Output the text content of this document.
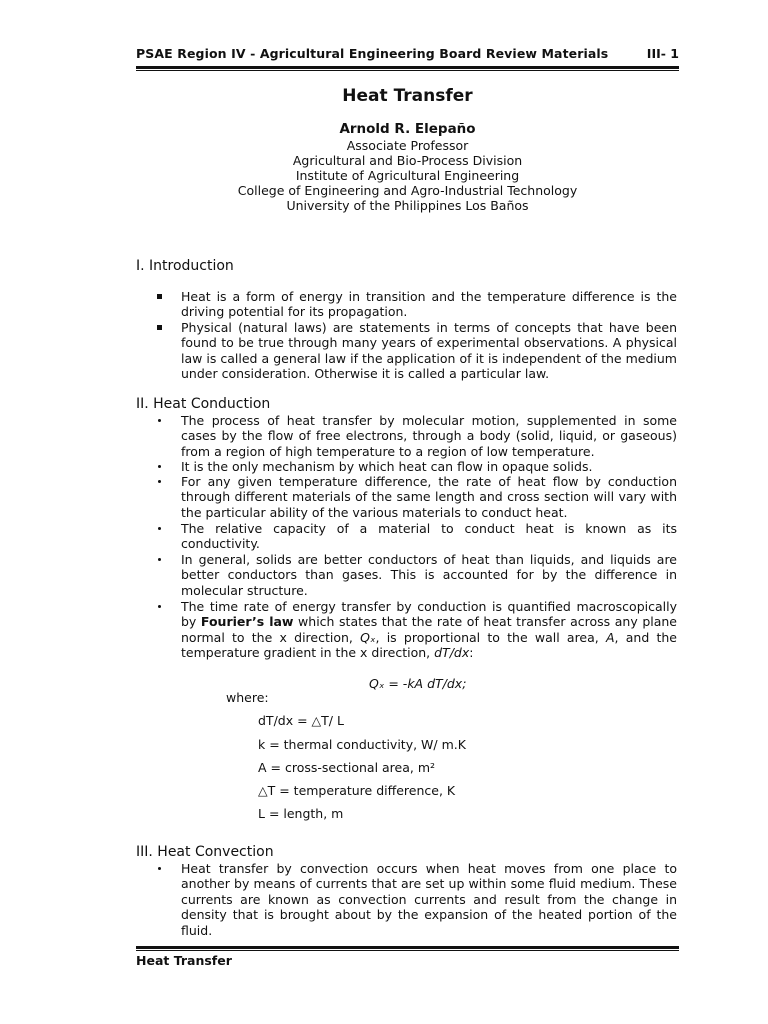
PSAE Region IV - Agricultural Engineering Board Review Materials	III- 1
Heat Transfer
Arnold R. Elepaño
Associate Professor
Agricultural and Bio-Process Division
Institute of Agricultural Engineering
College of Engineering and Agro-Industrial Technology
University of the Philippines Los Baños
I. Introduction
Heat is a form of energy in transition and the temperature difference is the driving potential for its propagation.
Physical (natural laws) are statements in terms of concepts that have been found to be true through many years of experimental observations. A physical law is called a general law if the application of it is independent of the medium under consideration. Otherwise it is called a particular law.
II. Heat Conduction
The process of heat transfer by molecular motion, supplemented in some cases by the flow of free electrons, through a body (solid, liquid, or gaseous) from a region of high temperature to a region of low temperature.
It is the only mechanism by which heat can flow in opaque solids.
For any given temperature difference, the rate of heat flow by conduction through different materials of the same length and cross section will vary with the particular ability of the various materials to conduct heat.
The relative capacity of a material to conduct heat is known as its conductivity.
In general, solids are better conductors of heat than liquids, and liquids are better conductors than gases. This is accounted for by the difference in molecular structure.
The time rate of energy transfer by conduction is quantified macroscopically by Fourier’s law which states that the rate of heat transfer across any plane normal to the x direction, Qₓ, is proportional to the wall area, A, and the temperature gradient in the x direction, dT/dx:
Qₓ = -kA dT/dx;
where:
dT/dx = △T/ L
k = thermal conductivity, W/ m.K
A = cross-sectional area, m²
△T = temperature difference, K
L = length, m
III. Heat Convection
Heat transfer by convection occurs when heat moves from one place to another by means of currents that are set up within some fluid medium. These currents are known as convection currents and result from the change in density that is brought about by the expansion of the heated portion of the fluid.
Heat Transfer
